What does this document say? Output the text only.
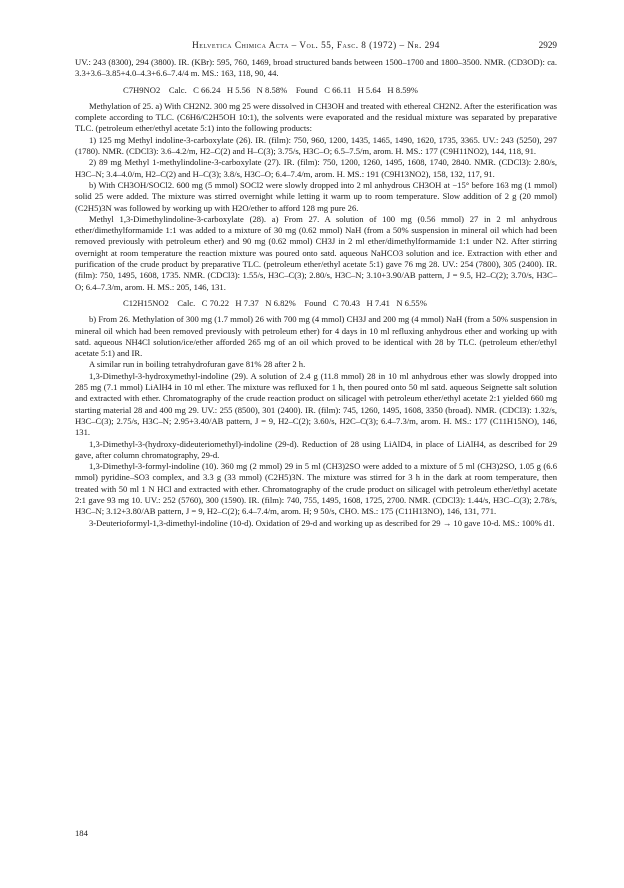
Helvetica Chimica Acta – Vol. 55, Fasc. 8 (1972) – Nr. 294	2929

UV.: 243 (8300), 294 (3800). IR. (KBr): 595, 760, 1469, broad structured bands between 1500–1700 and 1800–3500. NMR. (CD3OD): ca. 3.3+3.6–3.85+4.0–4.3+6.6–7.4/4 m. MS.: 163, 118, 90, 44.

C7H9NO2    Calc.   C 66.24   H 5.56   N 8.58%    Found   C 66.11   H 5.64   H 8.59%

Methylation of 25. a) With CH2N2. 300 mg 25 were dissolved in CH3OH and treated with ethereal CH2N2. After the esterification was complete according to TLC. (C6H6/C2H5OH 10:1), the solvents were evaporated and the residual mixture was separated by preparative TLC. (petroleum ether/ethyl acetate 5:1) into the following products:

1) 125 mg Methyl indoline-3-carboxylate (26). IR. (film): 750, 960, 1200, 1435, 1465, 1490, 1620, 1735, 3365. UV.: 243 (5250), 297 (1780). NMR. (CDCl3): 3.6–4.2/m, H2–C(2) and H–C(3); 3.75/s, H3C–O; 6.5–7.5/m, arom. H. MS.: 177 (C9H11NO2), 144, 118, 91.

2) 89 mg Methyl 1-methylindoline-3-carboxylate (27). IR. (film): 750, 1200, 1260, 1495, 1608, 1740, 2840. NMR. (CDCl3): 2.80/s, H3C–N; 3.4–4.0/m, H2–C(2) and H–C(3); 3.8/s, H3C–O; 6.4–7.4/m, arom. H. MS.: 191 (C9H13NO2), 158, 132, 117, 91.

b) With CH3OH/SOCl2. 600 mg (5 mmol) SOCl2 were slowly dropped into 2 ml anhydrous CH3OH at −15° before 163 mg (1 mmol) solid 25 were added. The mixture was stirred overnight while letting it warm up to room temperature. Slow addition of 2 g (20 mmol) (C2H5)3N was followed by working up with H2O/ether to afford 128 mg pure 26.

Methyl 1,3-Dimethylindoline-3-carboxylate (28). a) From 27. A solution of 100 mg (0.56 mmol) 27 in 2 ml anhydrous ether/dimethylformamide 1:1 was added to a mixture of 30 mg (0.62 mmol) NaH (from a 50% suspension in mineral oil which had been removed previously with petroleum ether) and 90 mg (0.62 mmol) CH3J in 2 ml ether/dimethylformamide 1:1 under N2. After stirring overnight at room temperature the reaction mixture was poured onto satd. aqueous NaHCO3 solution and ice. Extraction with ether and purification of the crude product by preparative TLC. (petroleum ether/ethyl acetate 5:1) gave 76 mg 28. UV.: 254 (7800), 305 (2400). IR. (film): 750, 1495, 1608, 1735. NMR. (CDCl3): 1.55/s, H3C–C(3); 2.80/s, H3C–N; 3.10+3.90/AB pattern, J = 9.5, H2–C(2); 3.70/s, H3C–O; 6.4–7.3/m, arom. H. MS.: 205, 146, 131.

C12H15NO2    Calc.   C 70.22   H 7.37   N 6.82%    Found   C 70.43   H 7.41   N 6.55%

b) From 26. Methylation of 300 mg (1.7 mmol) 26 with 700 mg (4 mmol) CH3J and 200 mg (4 mmol) NaH (from a 50% suspension in mineral oil which had been removed previously with petroleum ether) for 4 days in 10 ml refluxing anhydrous ether and working up with satd. aqueous NH4Cl solution/ice/ether afforded 265 mg of an oil which proved to be identical with 28 by TLC. (petroleum ether/ethyl acetate 5:1) and IR.

A similar run in boiling tetrahydrofuran gave 81% 28 after 2 h.

1,3-Dimethyl-3-hydroxymethyl-indoline (29). A solution of 2.4 g (11.8 mmol) 28 in 10 ml anhydrous ether was slowly dropped into 285 mg (7.1 mmol) LiAlH4 in 10 ml ether. The mixture was refluxed for 1 h, then poured onto 50 ml satd. aqueous Seignette salt solution and extracted with ether. Chromatography of the crude reaction product on silicagel with petroleum ether/ethyl acetate 2:1 yielded 660 mg starting material 28 and 400 mg 29. UV.: 255 (8500), 301 (2400). IR. (film): 745, 1260, 1495, 1608, 3350 (broad). NMR. (CDCl3): 1.32/s, H3C–C(3); 2.75/s, H3C–N; 2.95+3.40/AB pattern, J = 9, H2–C(2); 3.60/s, H2C–C(3); 6.4–7.3/m, arom. H. MS.: 177 (C11H15NO), 146, 131.

1,3-Dimethyl-3-(hydroxy-dideuteriomethyl)-indoline (29-d). Reduction of 28 using LiAlD4, in place of LiAlH4, as described for 29 gave, after column chromatography, 29-d.

1,3-Dimethyl-3-formyl-indoline (10). 360 mg (2 mmol) 29 in 5 ml (CH3)2SO were added to a mixture of 5 ml (CH3)2SO, 1.05 g (6.6 mmol) pyridine–SO3 complex, and 3.3 g (33 mmol) (C2H5)3N. The mixture was stirred for 3 h in the dark at room temperature, then treated with 50 ml 1 N HCl and extracted with ether. Chromatography of the crude product on silicagel with petroleum ether/ethyl acetate 2:1 gave 93 mg 10. UV.: 252 (5760), 300 (1590). IR. (film): 740, 755, 1495, 1608, 1725, 2700. NMR. (CDCl3): 1.44/s, H3C–C(3); 2.78/s, H3C–N; 3.12+3.80/AB pattern, J = 9, H2–C(2); 6.4–7.4/m, arom. H; 9 50/s, CHO. MS.: 175 (C11H13NO), 146, 131, 771.

3-Deuterioformyl-1,3-dimethyl-indoline (10-d). Oxidation of 29-d and working up as described for 29 → 10 gave 10-d. MS.: 100% d1.

184
